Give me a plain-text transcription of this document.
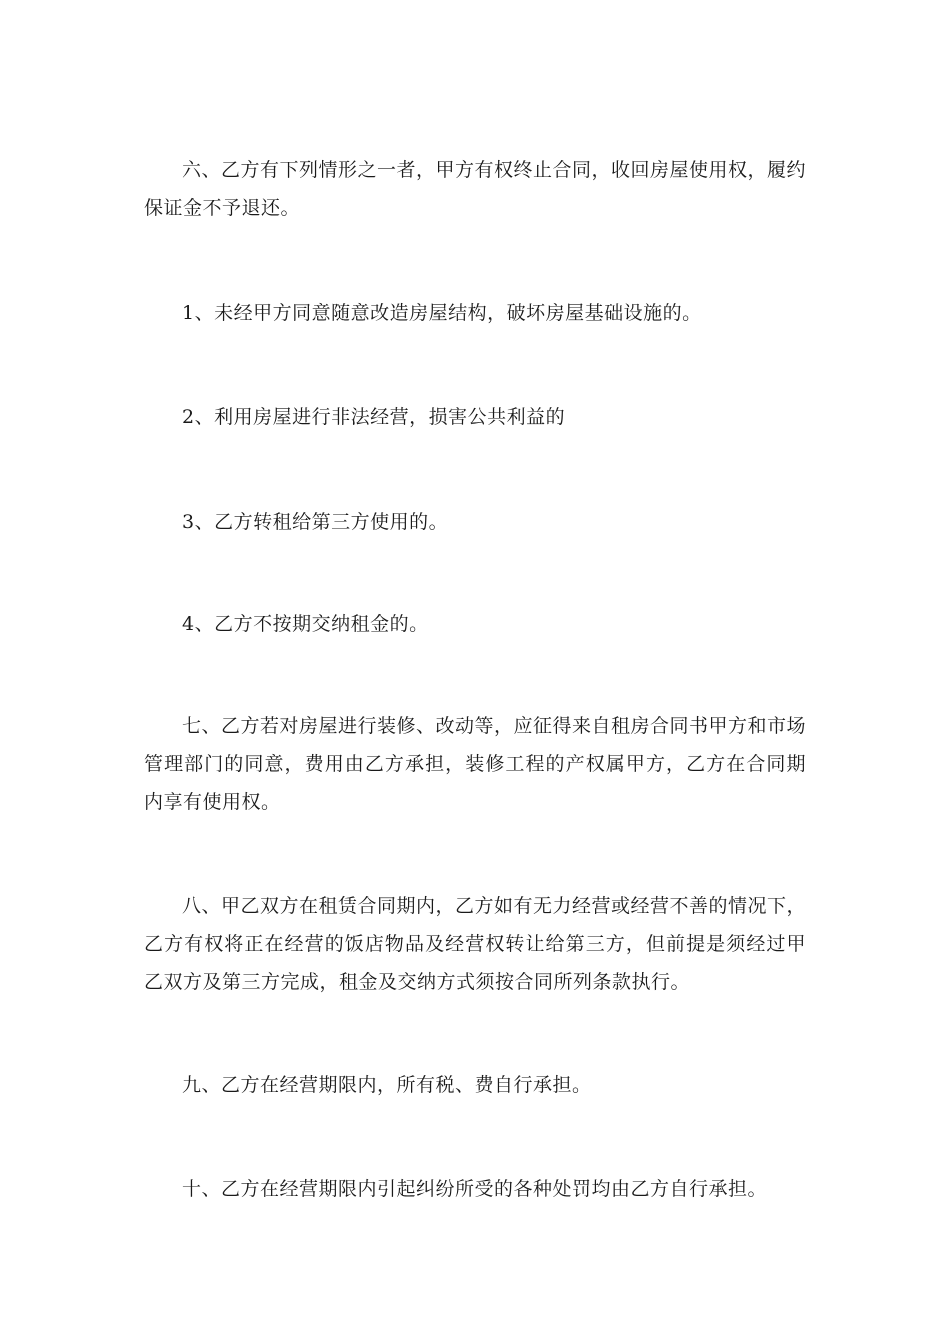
六、乙方有下列情形之一者，甲方有权终止合同，收回房屋使用权，履约保证金不予退还。

1、未经甲方同意随意改造房屋结构，破坏房屋基础设施的。

2、利用房屋进行非法经营，损害公共利益的

3、乙方转租给第三方使用的。

4、乙方不按期交纳租金的。

七、乙方若对房屋进行装修、改动等，应征得来自租房合同书甲方和市场管理部门的同意，费用由乙方承担，装修工程的产权属甲方，乙方在合同期内享有使用权。

八、甲乙双方在租赁合同期内，乙方如有无力经营或经营不善的情况下，乙方有权将正在经营的饭店物品及经营权转让给第三方，但前提是须经过甲乙双方及第三方完成，租金及交纳方式须按合同所列条款执行。

九、乙方在经营期限内，所有税、费自行承担。

十、乙方在经营期限内引起纠纷所受的各种处罚均由乙方自行承担。
